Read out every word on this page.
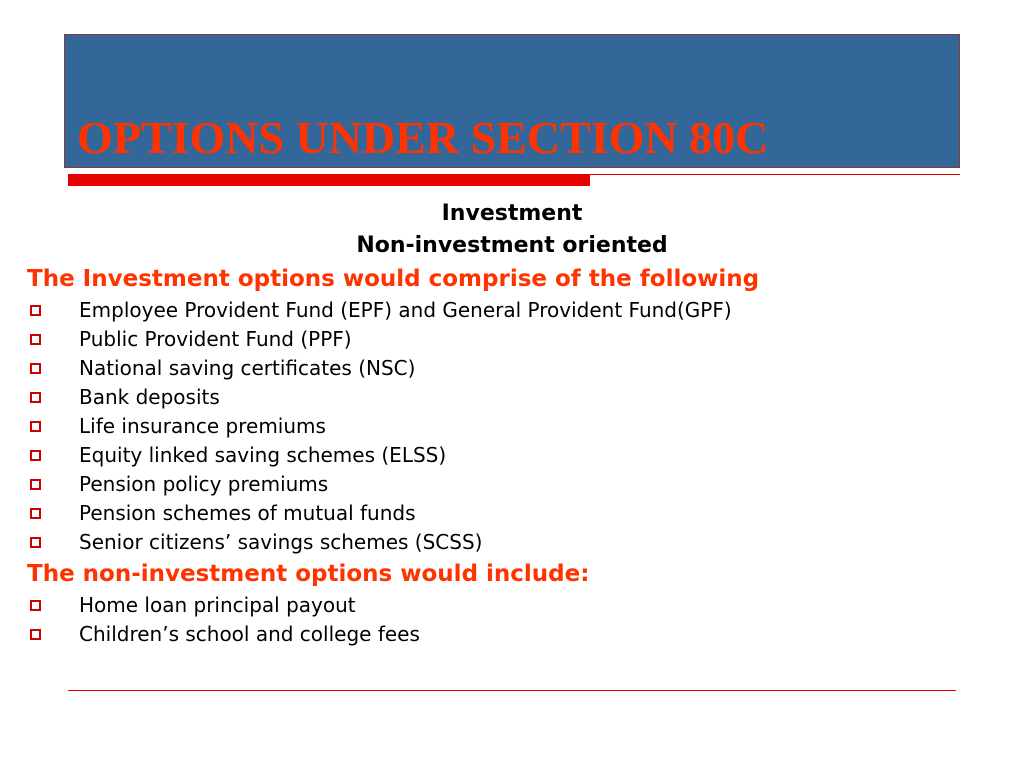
OPTIONS UNDER SECTION 80C

Investment

Non-investment oriented

The Investment options would comprise of the following

Employee Provident Fund (EPF) and General Provident Fund(GPF)
Public Provident Fund (PPF)
National saving certificates (NSC)
Bank deposits
Life insurance premiums
Equity linked saving schemes (ELSS)
Pension policy premiums
Pension schemes of mutual funds
Senior citizens’ savings schemes (SCSS)

The non-investment options would include:

Home loan principal payout
Children’s school and college fees
